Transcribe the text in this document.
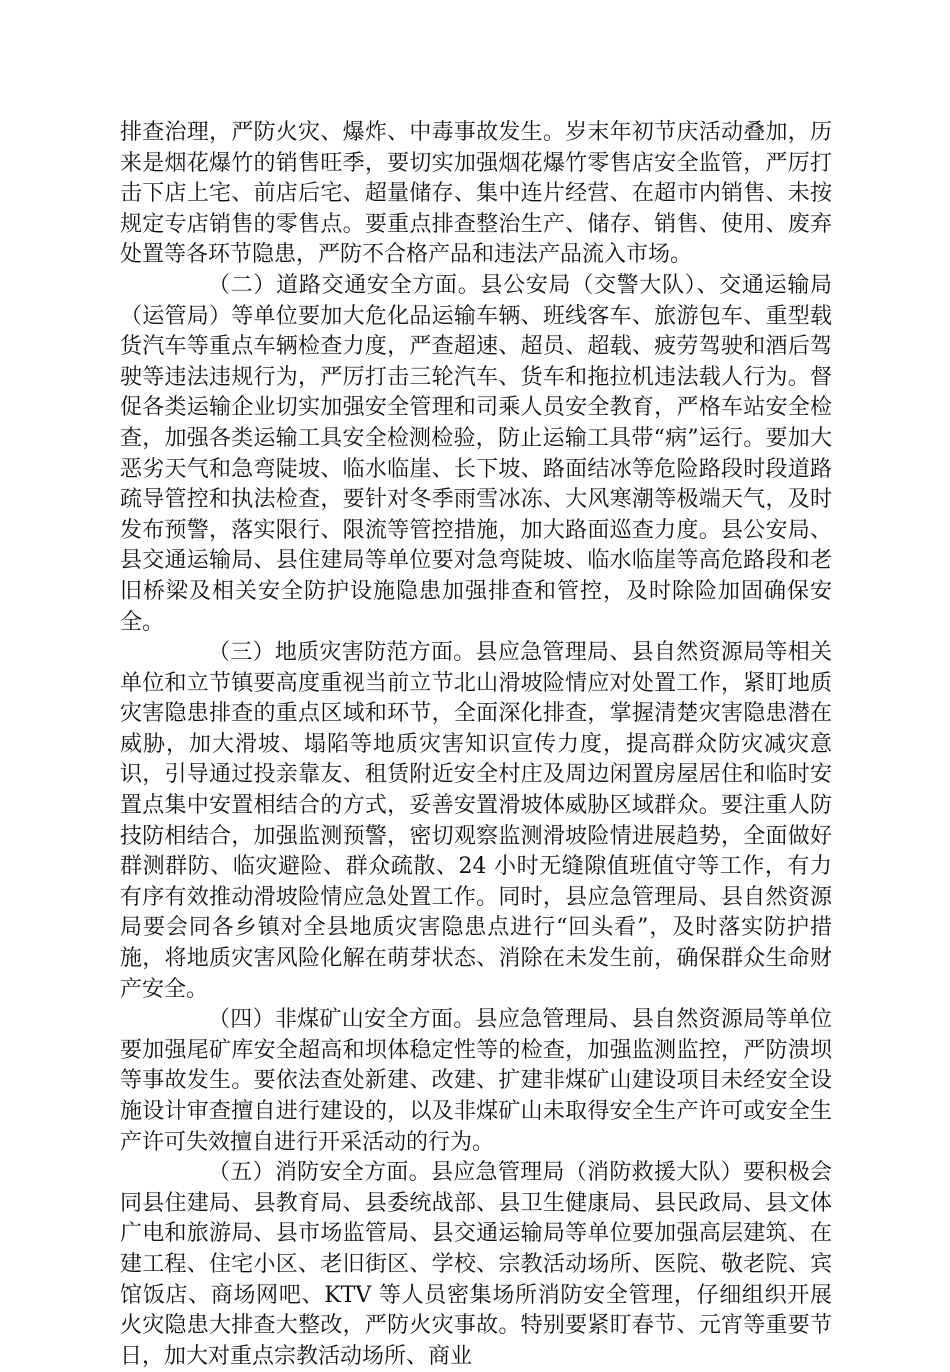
排查治理，严防火灾、爆炸、中毒事故发生。岁末年初节庆活动叠加，历来是烟花爆竹的销售旺季，要切实加强烟花爆竹零售店安全监管，严厉打击下店上宅、前店后宅、超量储存、集中连片经营、在超市内销售、未按规定专店销售的零售点。要重点排查整治生产、储存、销售、使用、废弃处置等各环节隐患，严防不合格产品和违法产品流入市场。

（二）道路交通安全方面。县公安局（交警大队）、交通运输局（运管局）等单位要加大危化品运输车辆、班线客车、旅游包车、重型载货汽车等重点车辆检查力度，严查超速、超员、超载、疲劳驾驶和酒后驾驶等违法违规行为，严厉打击三轮汽车、货车和拖拉机违法载人行为。督促各类运输企业切实加强安全管理和司乘人员安全教育，严格车站安全检查，加强各类运输工具安全检测检验，防止运输工具带“病”运行。要加大恶劣天气和急弯陡坡、临水临崖、长下坡、路面结冰等危险路段时段道路疏导管控和执法检查，要针对冬季雨雪冰冻、大风寒潮等极端天气，及时发布预警，落实限行、限流等管控措施，加大路面巡查力度。县公安局、县交通运输局、县住建局等单位要对急弯陡坡、临水临崖等高危路段和老旧桥梁及相关安全防护设施隐患加强排查和管控，及时除险加固确保安全。

（三）地质灾害防范方面。县应急管理局、县自然资源局等相关单位和立节镇要高度重视当前立节北山滑坡险情应对处置工作，紧盯地质灾害隐患排查的重点区域和环节，全面深化排查，掌握清楚灾害隐患潜在威胁，加大滑坡、塌陷等地质灾害知识宣传力度，提高群众防灾减灾意识，引导通过投亲靠友、租赁附近安全村庄及周边闲置房屋居住和临时安置点集中安置相结合的方式，妥善安置滑坡体威胁区域群众。要注重人防技防相结合，加强监测预警，密切观察监测滑坡险情进展趋势，全面做好群测群防、临灾避险、群众疏散、24 小时无缝隙值班值守等工作，有力有序有效推动滑坡险情应急处置工作。同时，县应急管理局、县自然资源局要会同各乡镇对全县地质灾害隐患点进行“回头看”，及时落实防护措施，将地质灾害风险化解在萌芽状态、消除在未发生前，确保群众生命财产安全。

（四）非煤矿山安全方面。县应急管理局、县自然资源局等单位要加强尾矿库安全超高和坝体稳定性等的检查，加强监测监控，严防溃坝等事故发生。要依法查处新建、改建、扩建非煤矿山建设项目未经安全设施设计审查擅自进行建设的，以及非煤矿山未取得安全生产许可或安全生产许可失效擅自进行开采活动的行为。

（五）消防安全方面。县应急管理局（消防救援大队）要积极会同县住建局、县教育局、县委统战部、县卫生健康局、县民政局、县文体广电和旅游局、县市场监管局、县交通运输局等单位要加强高层建筑、在建工程、住宅小区、老旧街区、学校、宗教活动场所、医院、敬老院、宾馆饭店、商场网吧、KTV 等人员密集场所消防安全管理，仔细组织开展火灾隐患大排查大整改，严防火灾事故。特别要紧盯春节、元宵等重要节日，加大对重点宗教活动场所、商业
